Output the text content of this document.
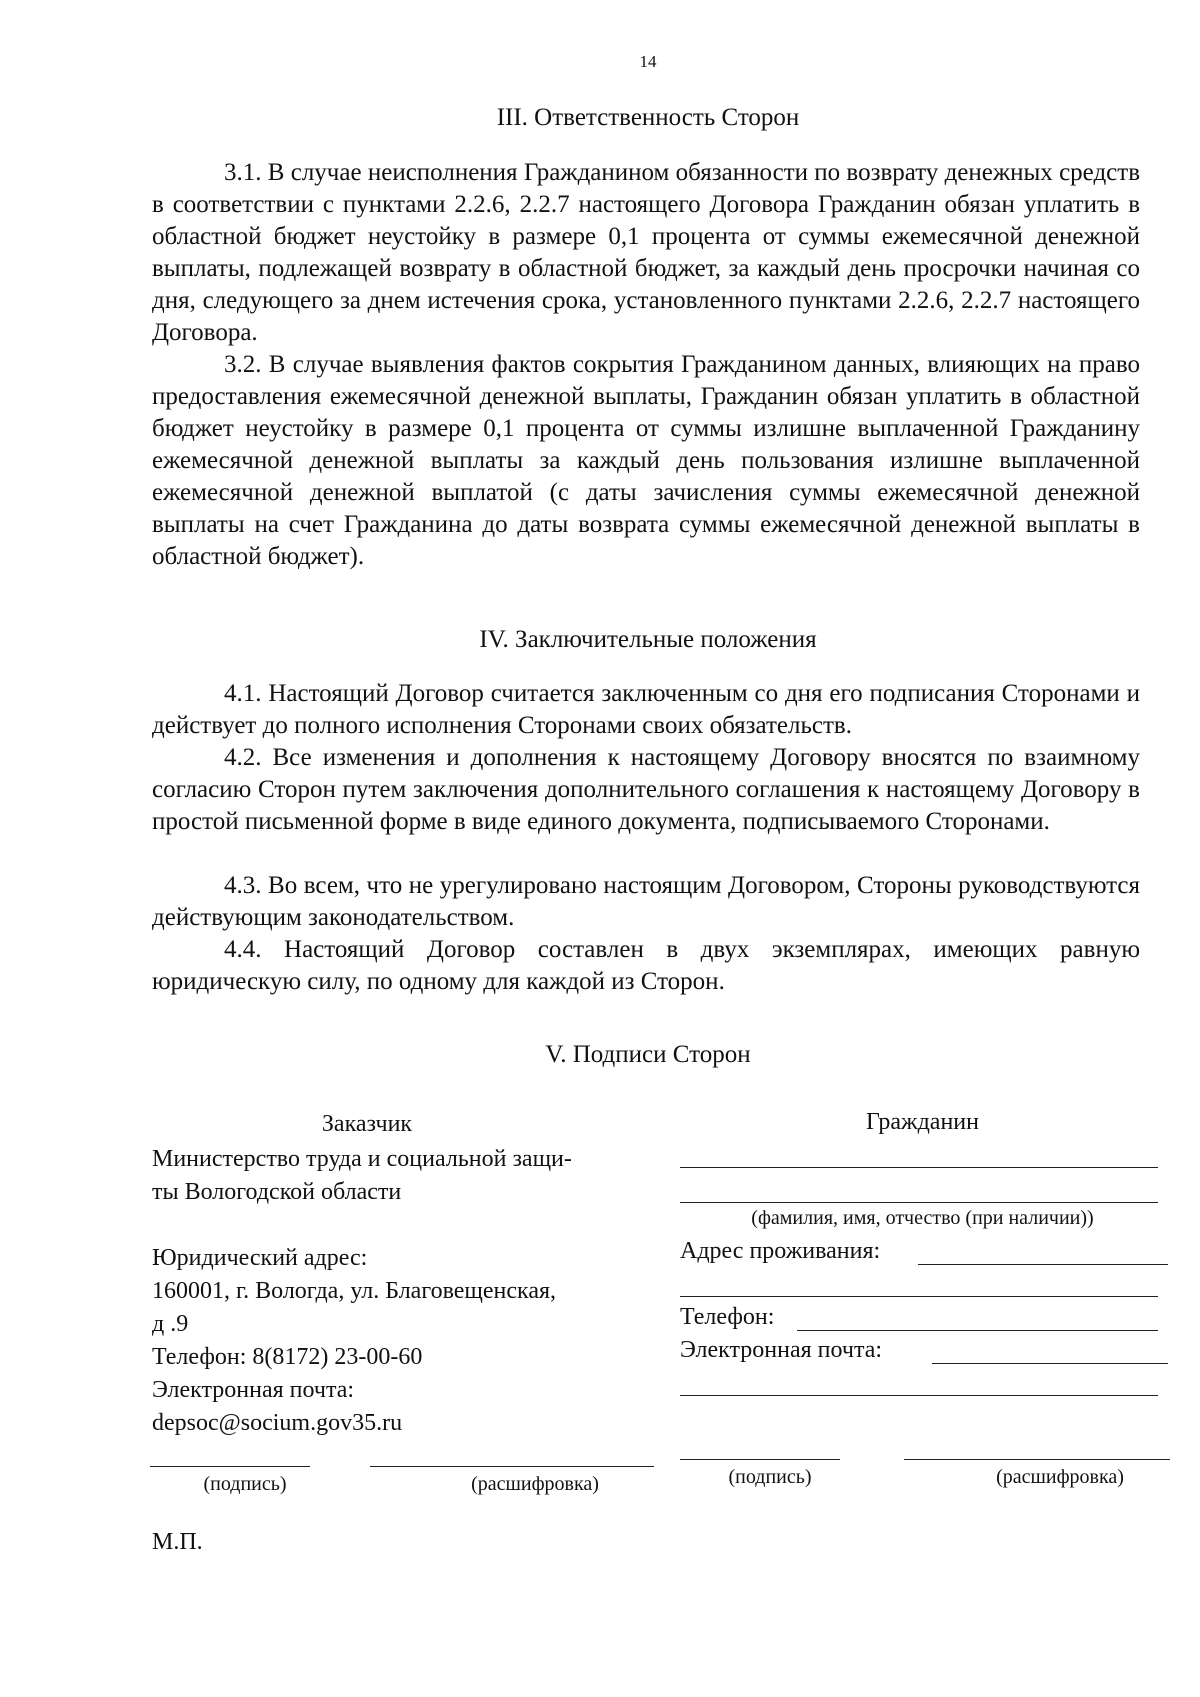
14
III. Ответственность Сторон

3.1. В случае неисполнения Гражданином обязанности по возврату денежных средств в соответствии с пунктами 2.2.6, 2.2.7 настоящего Договора Гражданин обязан уплатить в областной бюджет неустойку в размере 0,1 процента от суммы ежемесячной денежной выплаты, подлежащей возврату в областной бюджет, за каждый день просрочки начиная со дня, следующего за днем истечения срока, установленного пунктами 2.2.6, 2.2.7 настоящего Договора.

3.2. В случае выявления фактов сокрытия Гражданином данных, влияющих на право предоставления ежемесячной денежной выплаты, Гражданин обязан уплатить в областной бюджет неустойку в размере 0,1 процента от суммы излишне выплаченной Гражданину ежемесячной денежной выплаты за каждый день пользования излишне выплаченной ежемесячной денежной выплатой (с даты зачисления суммы ежемесячной денежной выплаты на счет Гражданина до даты возврата суммы ежемесячной денежной выплаты в областной бюджет).

IV. Заключительные положения

4.1. Настоящий Договор считается заключенным со дня его подписания Сторонами и действует до полного исполнения Сторонами своих обязательств.

4.2. Все изменения и дополнения к настоящему Договору вносятся по взаимному согласию Сторон путем заключения дополнительного соглашения к настоящему Договору в простой письменной форме в виде единого документа, подписываемого Сторонами.

4.3. Во всем, что не урегулировано настоящим Договором, Стороны руководствуются действующим законодательством.

4.4. Настоящий Договор составлен в двух экземплярах, имеющих равную юридическую силу, по одному для каждой из Сторон.

V. Подписи Сторон
Заказчик
Министерство труда и социальной защи-
ты Вологодской области
Юридический адрес:
160001, г. Вологда, ул. Благовещенская,
д .9
Телефон: 8(8172) 23-00-60
Электронная почта:
depsoc@socium.gov35.ru
(подпись)	(расшифровка)
М.П.
Гражданин
(фамилия, имя, отчество (при наличии))
Адрес проживания:
Телефон:
Электронная почта:
(подпись)	(расшифровка)
